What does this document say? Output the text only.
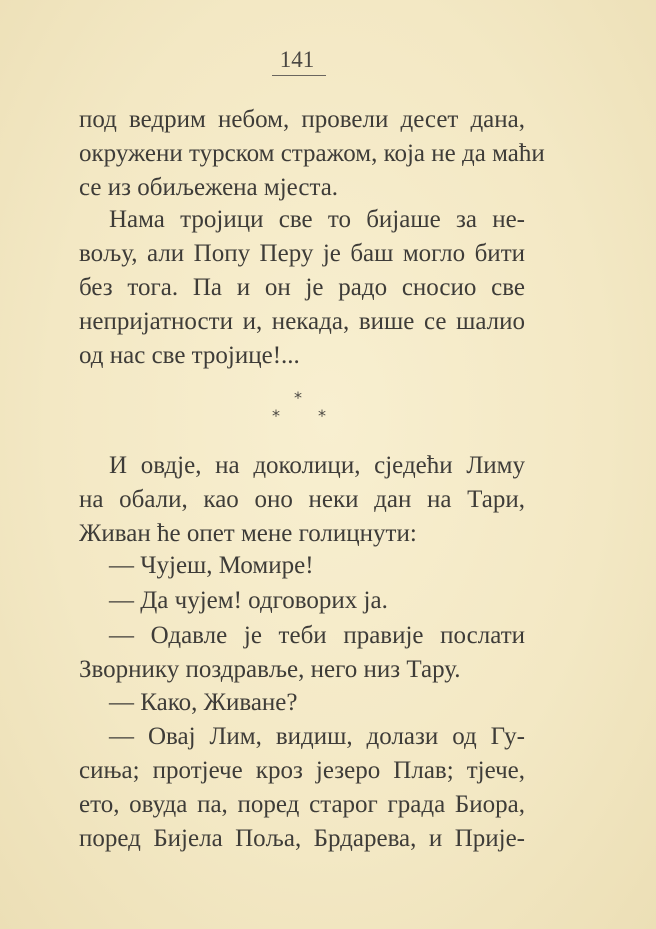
141
под ведрим небом, провели десет дана,
окружени турском стражом, која не да маћи
се из обиљежена мјеста.
Нама тројици све то бијаше за не-
вољу, али Попу Перу је баш могло бити
без тога. Па и он је радо сносио све
непријатности и, некада, више се шалио
од нас све тројице!...
*
* *
И овдје, на доколици, сједећи Лиму
на обали, као оно неки дан на Тари,
Живан ће опет мене голицнути:
— Чујеш, Момире!
— Да чујем! одговорих ја.
— Одавле је теби правије послати
Зворнику поздравље, него низ Тару.
— Како, Живане?
— Овај Лим, видиш, долази од Гу-
сиња; протјече кроз језеро Плав; тјече,
ето, овуда па, поред старог града Биора,
поред Бијела Поља, Брдарева, и Прије-
